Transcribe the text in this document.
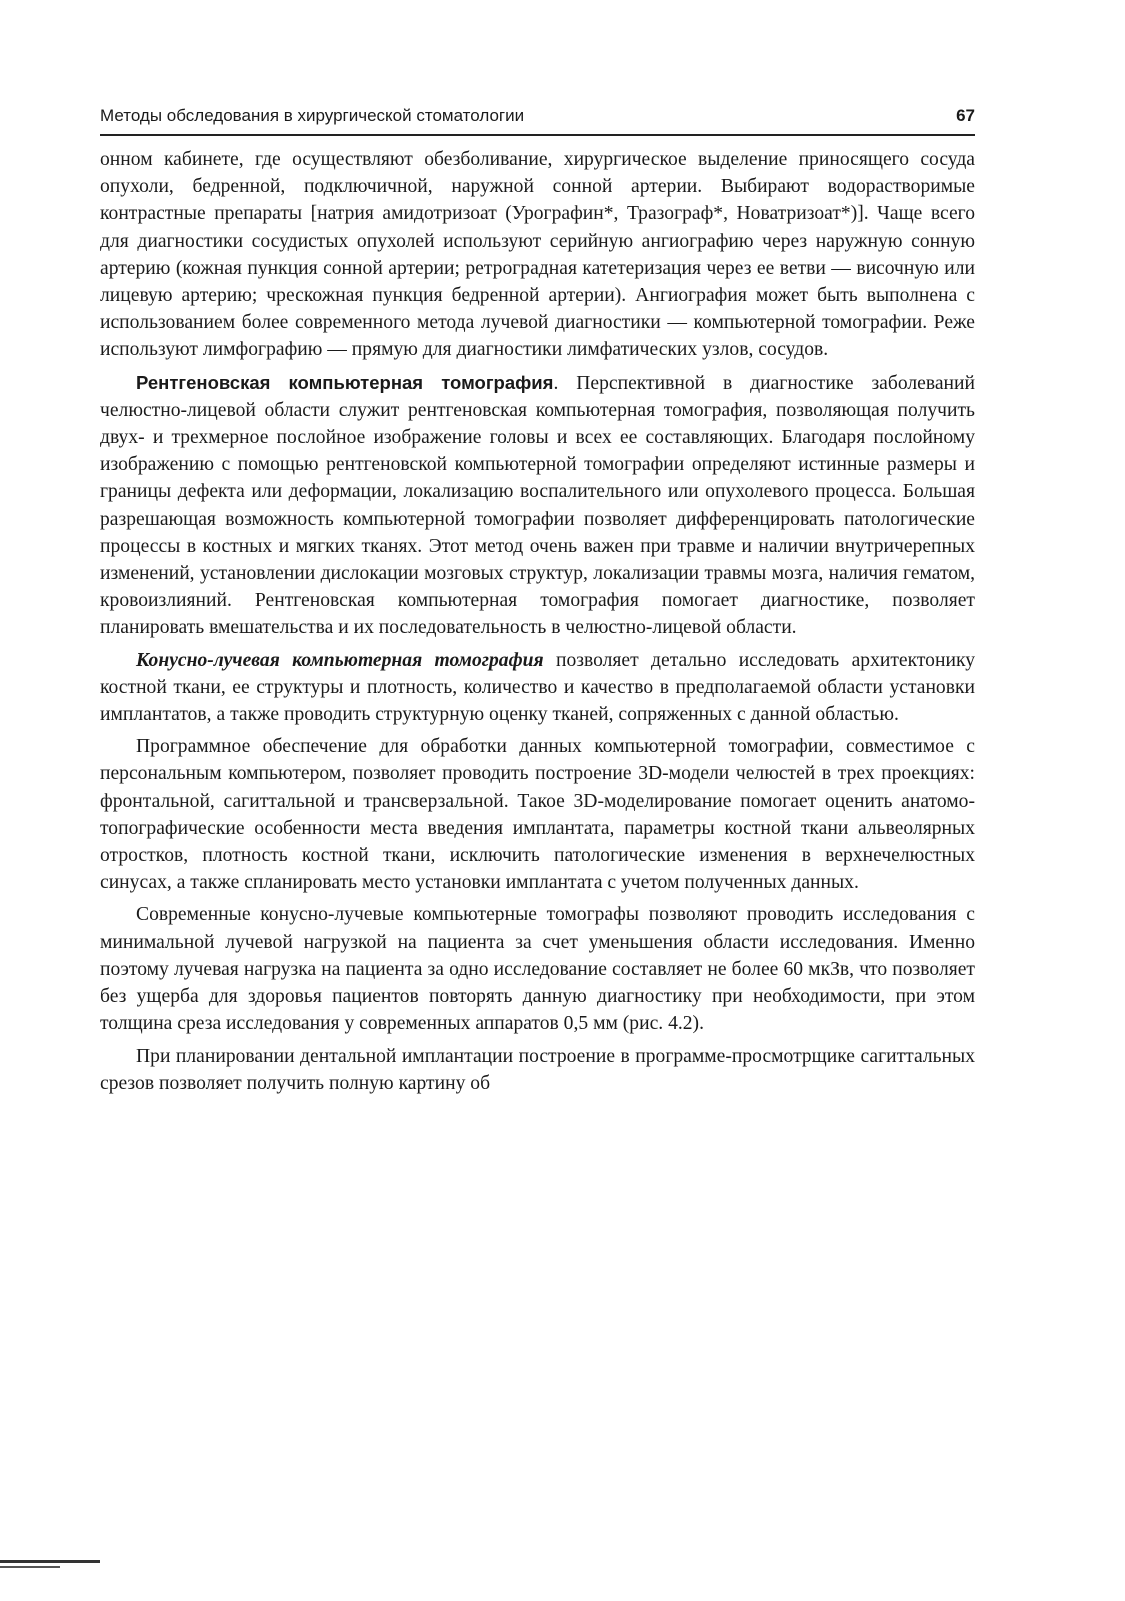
Методы обследования в хирургической стоматологии	67

онном кабинете, где осуществляют обезболивание, хирургическое выделение приносящего сосуда опухоли, бедренной, подключичной, наружной сонной артерии. Выбирают водорастворимые контрастные препараты [натрия амидотризоат (Урографин*, Тразограф*, Новатризоат*)]. Чаще всего для диагностики сосудистых опухолей используют серийную ангиографию через наружную сонную артерию (кожная пункция сонной артерии; ретроградная катетеризация через ее ветви — височную или лицевую артерию; чрескожная пункция бедренной артерии). Ангиография может быть выполнена с использованием более современного метода лучевой диагностики — компьютерной томографии. Реже используют лимфографию — прямую для диагностики лимфатических узлов, сосудов.

Рентгеновская компьютерная томография. Перспективной в диагностике заболеваний челюстно-лицевой области служит рентгеновская компьютерная томография, позволяющая получить двух- и трехмерное послойное изображение головы и всех ее составляющих. Благодаря послойному изображению с помощью рентгеновской компьютерной томографии определяют истинные размеры и границы дефекта или деформации, локализацию воспалительного или опухолевого процесса. Большая разрешающая возможность компьютерной томографии позволяет дифференцировать патологические процессы в костных и мягких тканях. Этот метод очень важен при травме и наличии внутричерепных изменений, установлении дислокации мозговых структур, локализации травмы мозга, наличия гематом, кровоизлияний. Рентгеновская компьютерная томография помогает диагностике, позволяет планировать вмешательства и их последовательность в челюстно-лицевой области.

Конусно-лучевая компьютерная томография позволяет детально исследовать архитектонику костной ткани, ее структуры и плотность, количество и качество в предполагаемой области установки имплантатов, а также проводить структурную оценку тканей, сопряженных с данной областью.

Программное обеспечение для обработки данных компьютерной томографии, совместимое с персональным компьютером, позволяет проводить построение 3D-модели челюстей в трех проекциях: фронтальной, сагиттальной и трансверзальной. Такое 3D-моделирование помогает оценить анатомо-топографические особенности места введения имплантата, параметры костной ткани альвеолярных отростков, плотность костной ткани, исключить патологические изменения в верхнечелюстных синусах, а также спланировать место установки имплантата с учетом полученных данных.

Современные конусно-лучевые компьютерные томографы позволяют проводить исследования с минимальной лучевой нагрузкой на пациента за счет уменьшения области исследования. Именно поэтому лучевая нагрузка на пациента за одно исследование составляет не более 60 мкЗв, что позволяет без ущерба для здоровья пациентов повторять данную диагностику при необходимости, при этом толщина среза исследования у современных аппаратов 0,5 мм (рис. 4.2).

При планировании дентальной имплантации построение в программе-просмотрщике сагиттальных срезов позволяет получить полную картину об
